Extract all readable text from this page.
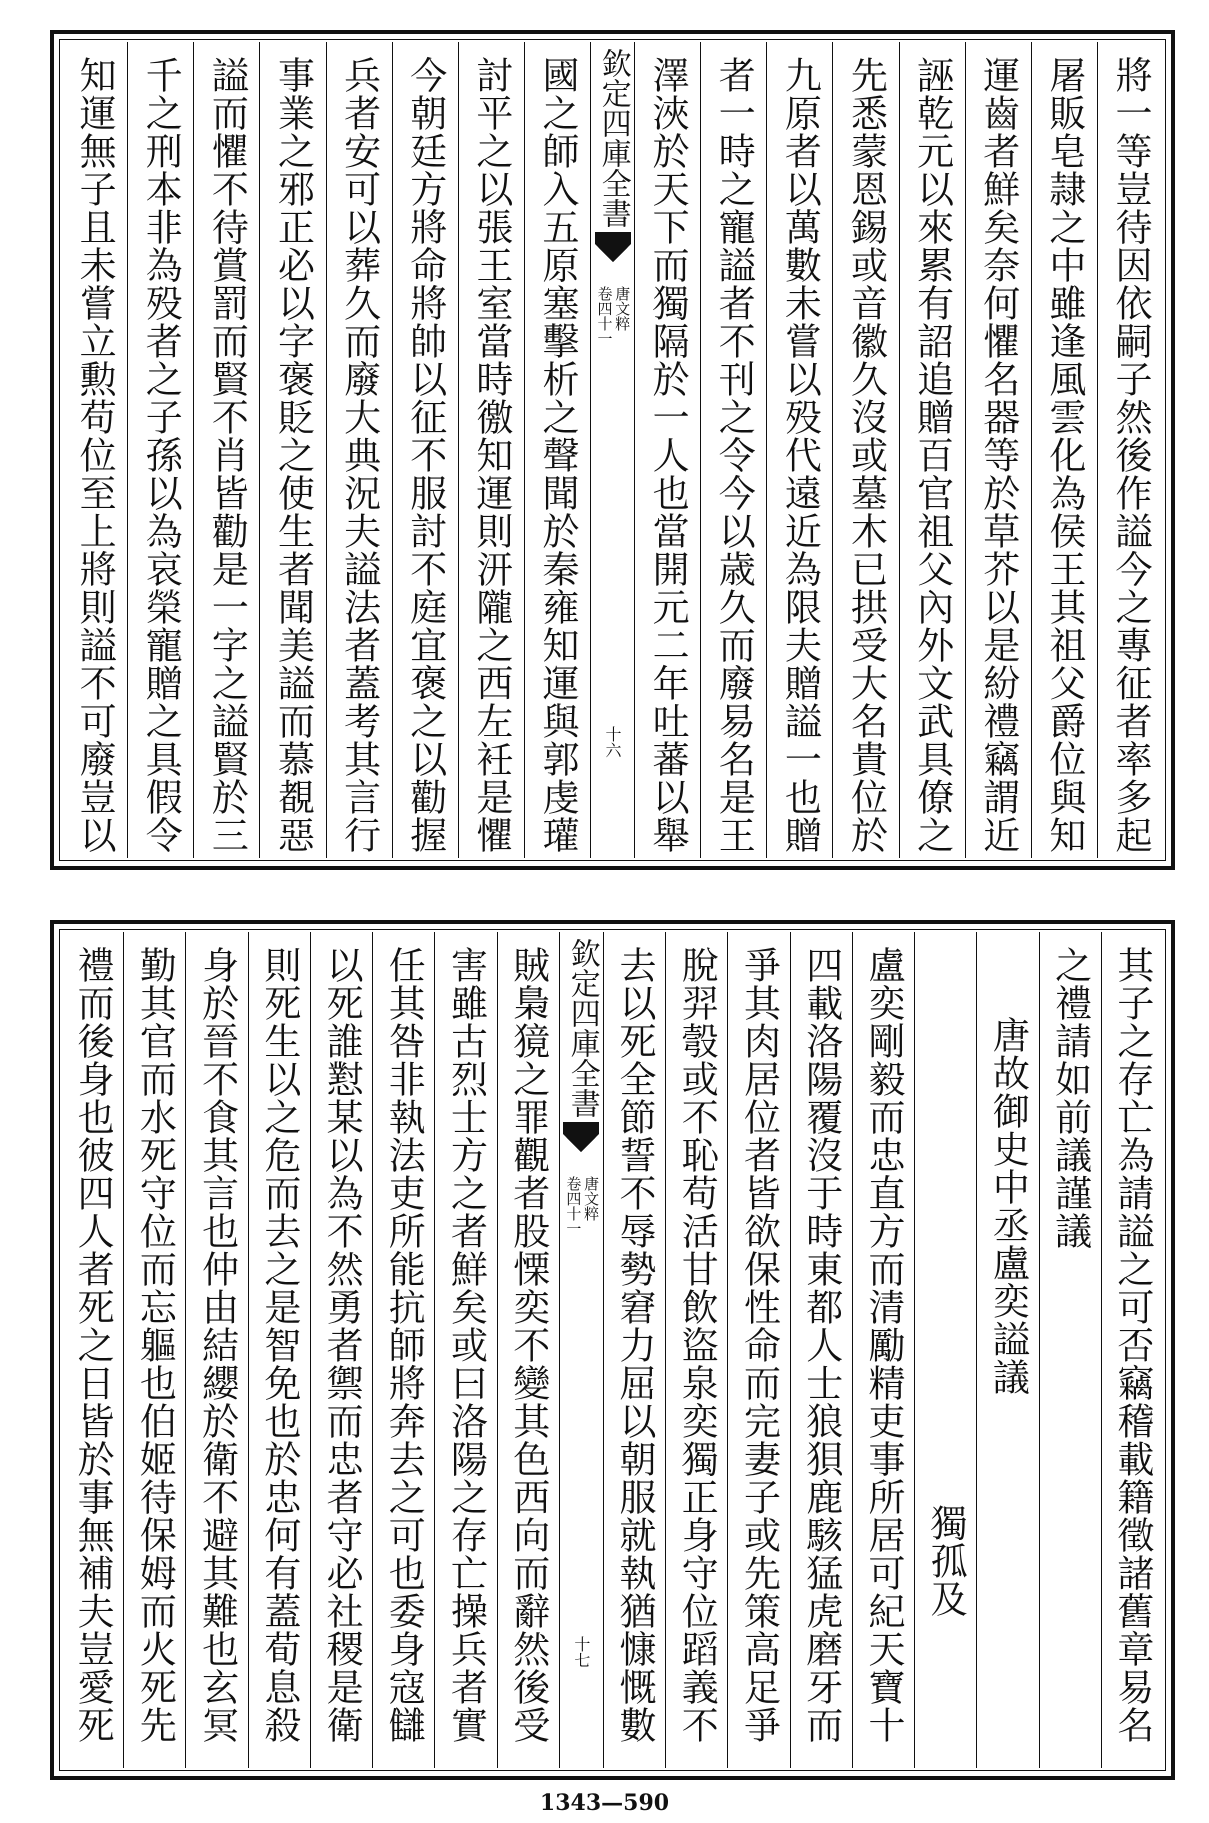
將一等豈待因依嗣子然後作謚今之專征者率多起
屠販皂隷之中雖逢風雲化為侯王其祖父爵位與知
運齒者鮮矣奈何懼名器等於草芥以是紛禮竊謂近
誣乾元以來累有詔追贈百官祖父內外文武具僚之
先悉蒙恩錫或音徽久沒或墓木已拱受大名貴位於
九原者以萬數未嘗以殁代遠近為限夫贈謚一也贈
者一時之寵謚者不刊之令今以歳久而廢易名是王
澤浹於天下而獨隔於一人也當開元二年吐蕃以舉
欽定四庫全書
唐文粹
卷四十一
十六
國之師入五原塞擊析之聲聞於秦雍知運與郭虔瓘
討平之以張王室當時徼知運則汧隴之西左衽是懼
今朝廷方將命將帥以征不服討不庭宜褒之以勸握
兵者安可以葬久而廢大典況夫謚法者蓋考其言行
事業之邪正必以字褒貶之使生者聞美謚而慕覩惡
謚而懼不待賞罰而賢不肖皆勸是一字之謚賢於三
千之刑本非為殁者之子孫以為哀榮寵贈之具假令
知運無子且未嘗立勲苟位至上將則謚不可廢豈以
其子之存亡為請謚之可否竊稽載籍徵諸舊章易名
之禮請如前議謹議
唐故御史中丞盧奕謚議
獨孤及
盧奕剛毅而忠直方而清勵精吏事所居可紀天寶十
四載洛陽覆沒于時東都人士狼狽鹿駭猛虎磨牙而
爭其肉居位者皆欲保性命而完妻子或先策高足爭
脫羿彀或不恥苟活甘飲盜泉奕獨正身守位蹈義不
去以死全節誓不辱勢窘力屈以朝服就執猶慷慨數
欽定四庫全書
唐文粹
卷四十一
十七
賊梟獍之罪觀者股慄奕不變其色西向而辭然後受
害雖古烈士方之者鮮矣或曰洛陽之存亡操兵者實
任其咎非執法吏所能抗師將奔去之可也委身寇讎
以死誰懟某以為不然勇者禦而忠者守必社稷是衛
則死生以之危而去之是智免也於忠何有蓋荀息殺
身於晉不食其言也仲由結纓於衛不避其難也玄冥
勤其官而水死守位而忘軀也伯姬待保姆而火死先
禮而後身也彼四人者死之日皆於事無補夫豈愛死
1343—590
